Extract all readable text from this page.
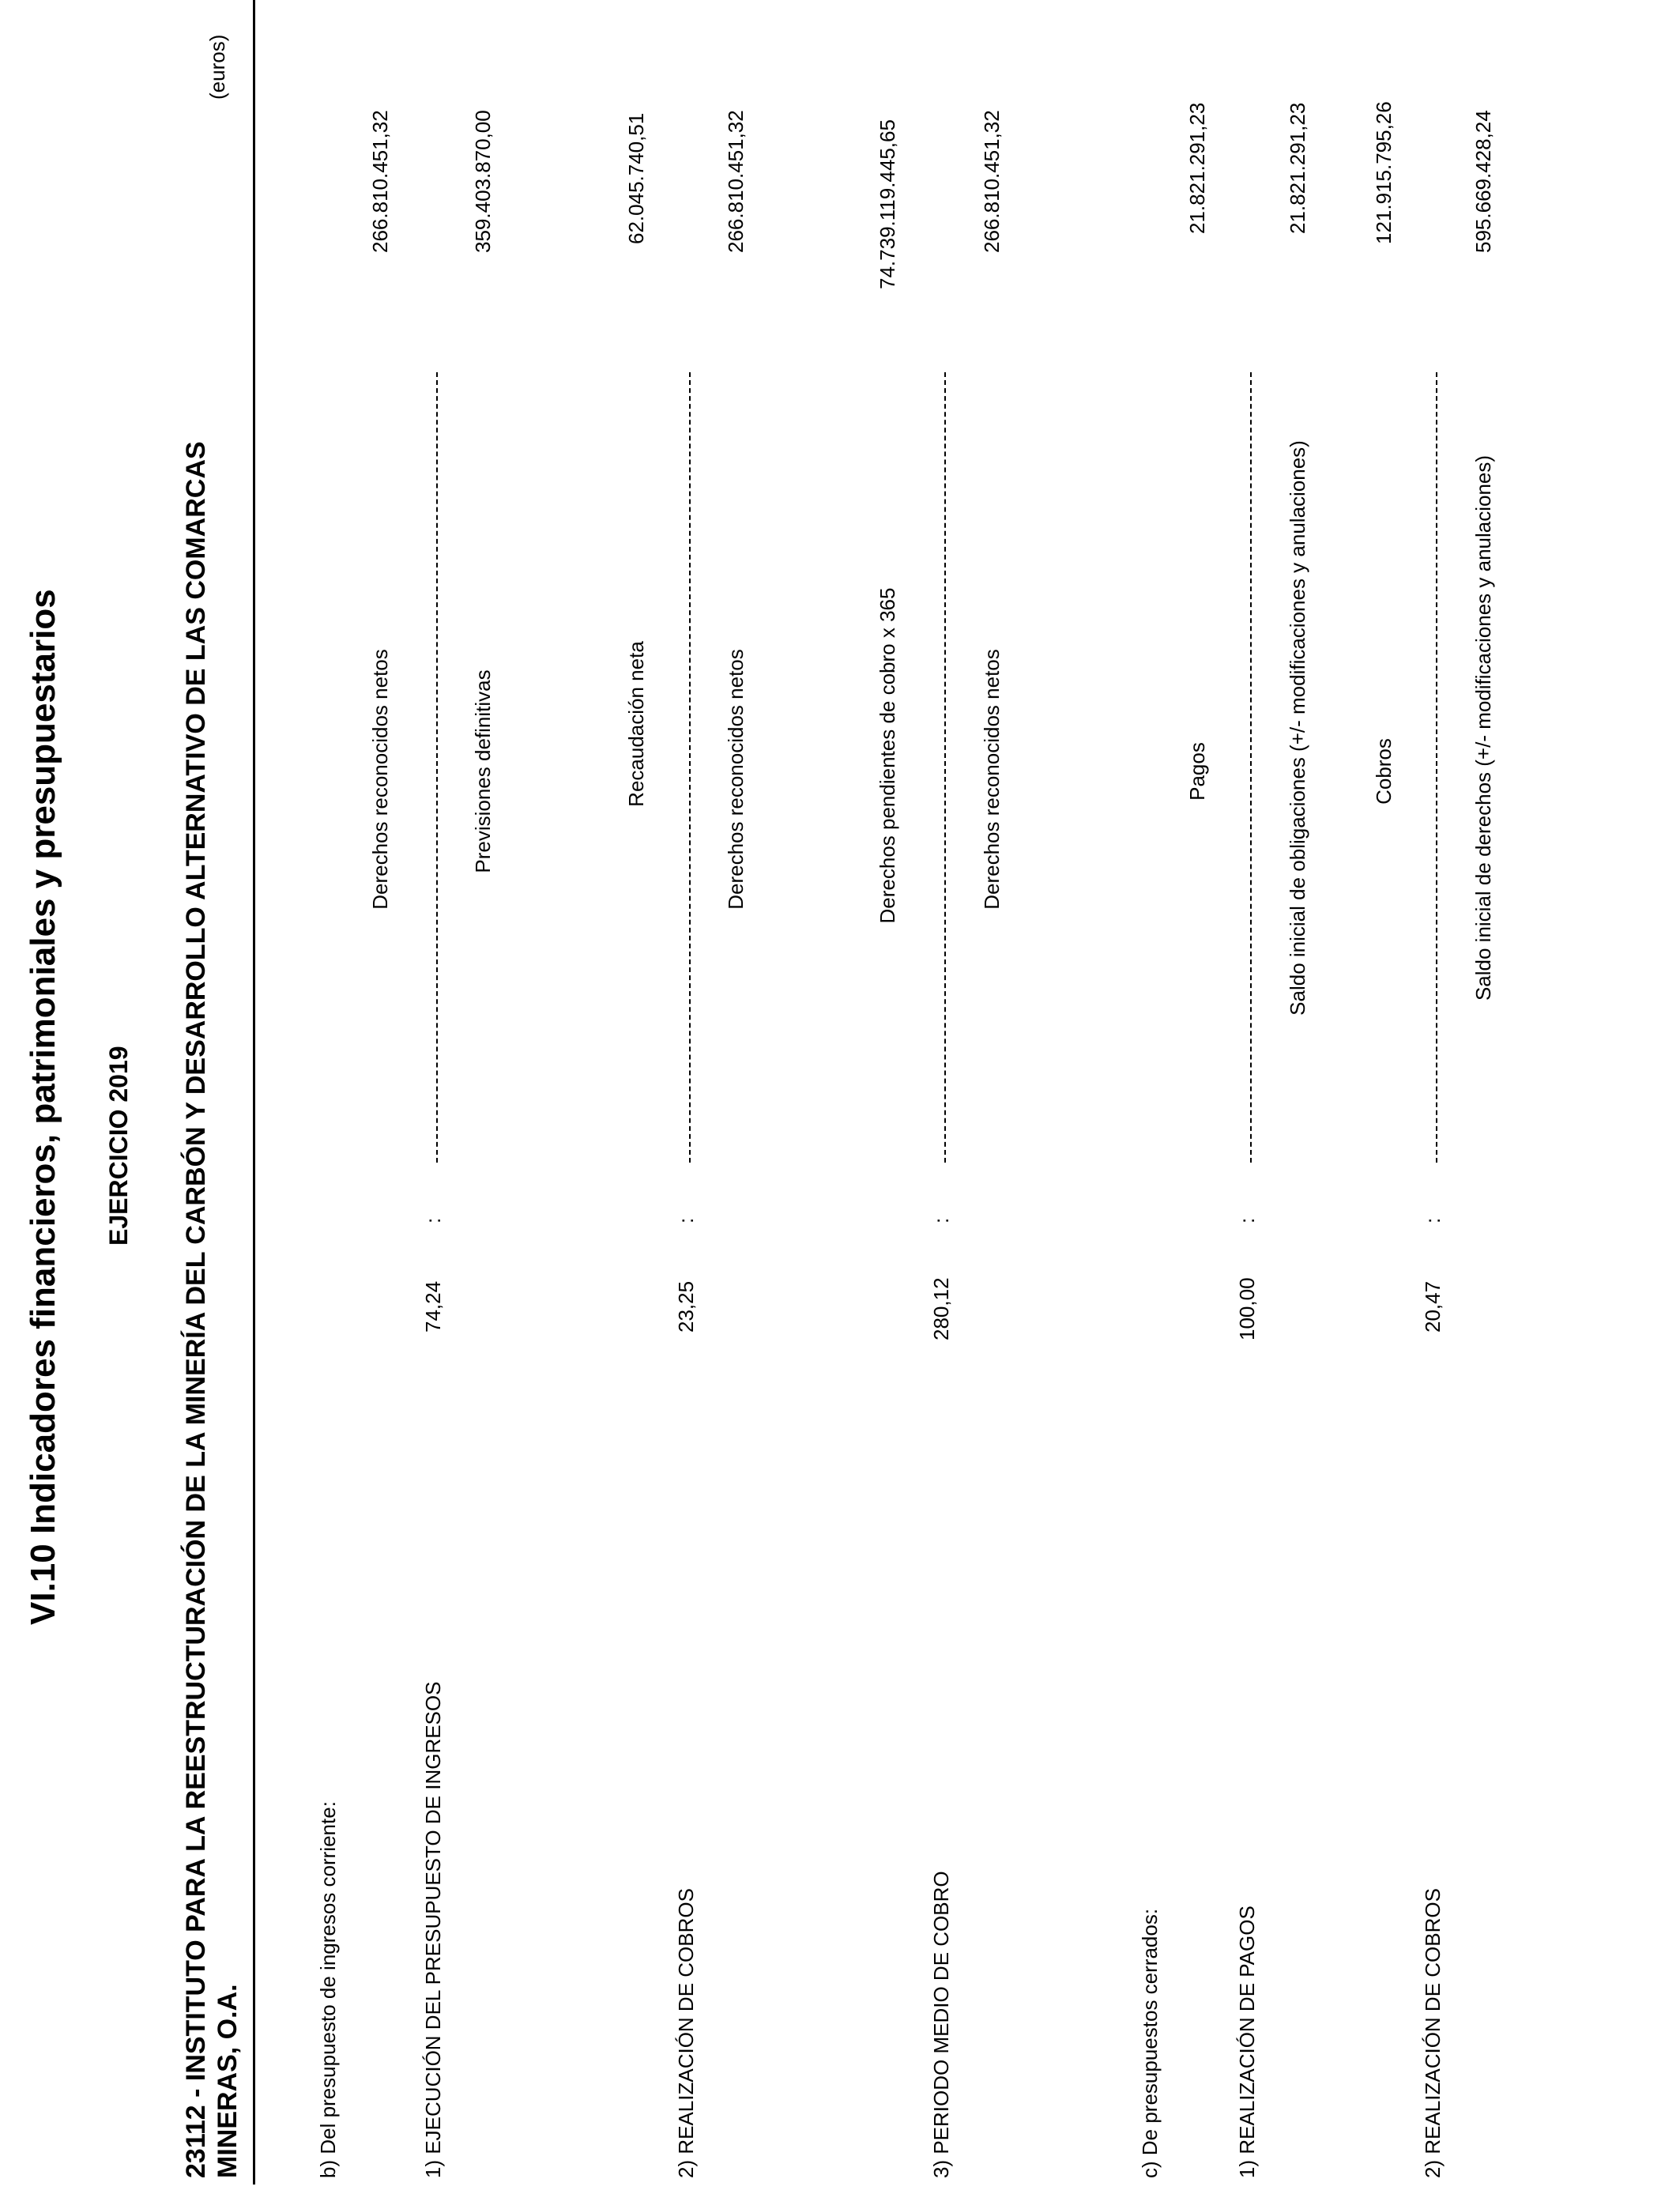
VI.10 Indicadores financieros, patrimoniales y presupuestarios	23112 - INSTITUTO PARA LA REESTRUCTURACIÓN DE LA MINERÍA DEL CARBÓN Y DESARROLLO ALTERNATIVO DE LAS COMARCAS MINERAS, O.A.
EJERCICIO 2019
(euros)
b) Del presupuesto de ingresos corriente:	1) EJECUCIÓN DEL PRESUPUESTO DE INGRESOS
74,24
:
Derechos reconocidos netos	Previsiones definitivas
266.810.451,32	359.403.870,00
2) REALIZACIÓN DE COBROS
23,25
:
Recaudación neta	Derechos reconocidos netos
62.045.740,51	266.810.451,32
3) PERIODO MEDIO DE COBRO
280,12
:
Derechos pendientes de cobro x 365	Derechos reconocidos netos
74.739.119.445,65	266.810.451,32
c) De presupuestos cerrados:	1) REALIZACIÓN DE PAGOS
100,00
:
Pagos	Saldo inicial de obligaciones (+/- modificaciones y anulaciones)
21.821.291,23	21.821.291,23
2) REALIZACIÓN DE COBROS
20,47
:
Cobros	Saldo inicial de derechos (+/- modificaciones y anulaciones)
121.915.795,26	595.669.428,24
